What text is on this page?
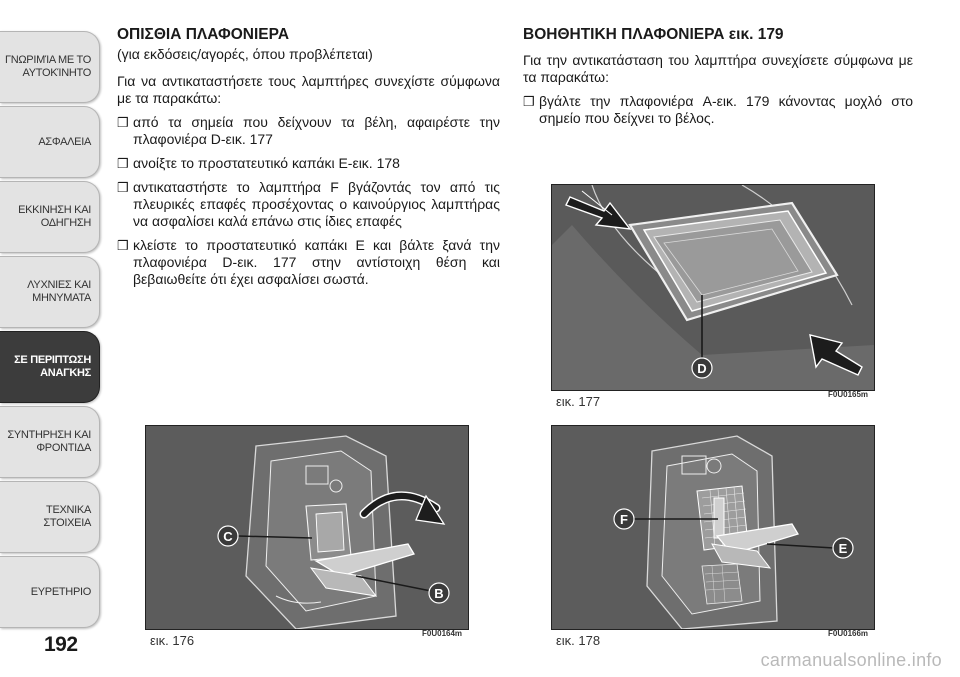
ΓΝΩΡΙΜΊΑ ΜΕ ΤΟ
ΑΥΤΟΚΊΝΗΤΟ
ΑΣΦΑΛΕΙΑ
ΕΚΚΙΝΗΣΗ ΚΑΙ
ΟΔΗΓΗΣΗ
ΛΥΧΝΙΕΣ ΚΑΙ
ΜΗΝΥΜΑΤΑ
ΣΕ ΠΕΡΙΠΤΩΣΗ
ΑΝΑΓΚΗΣ
ΣΥΝΤΗΡΗΣΗ ΚΑΙ
ΦΡΟΝΤΙΔΑ
ΤΕΧΝΙΚΑ ΣΤΟΙΧΕΙΑ
ΕΥΡΕΤΗΡΙΟ
192
ΟΠΙΣΘΙΑ ΠΛΑΦΟΝΙΕΡΑ
(για εκδόσεις/αγορές, όπου προβλέπεται)
Για να αντικαταστήσετε τους λαμπτήρες συνεχίστε σύμφωνα με τα παρακάτω:
❒ από τα σημεία που δείχνουν τα βέλη, αφαιρέστε την πλαφονιέρα D-εικ. 177
❒ ανοίξτε το προστατευτικό καπάκι E-εικ. 178
❒ αντικαταστήστε το λαμπτήρα F βγάζοντάς τον από τις πλευρικές επαφές προσέχοντας ο καινούργιος λαμπτήρας να ασφαλίσει καλά επάνω στις ίδιες επαφές
❒ κλείστε το προστατευτικό καπάκι E και βάλτε ξανά την πλαφονιέρα D-εικ. 177 στην αντίστοιχη θέση και βεβαιωθείτε ότι έχει ασφαλίσει σωστά.
ΒΟΗΘΗΤΙΚΗ ΠΛΑΦΟΝΙΕΡΑ εικ. 179
Για την αντικατάσταση του λαμπτήρα συνεχίσετε σύμφωνα με τα παρακάτω:
❒ βγάλτε την πλαφονιέρα A-εικ. 179 κάνοντας μοχλό στο σημείο που δείχνει το βέλος.
D
εικ. 177	F0U0165m
C
B
εικ. 176	F0U0164m
F
E
εικ. 178	F0U0166m
carmanualsonline.info
